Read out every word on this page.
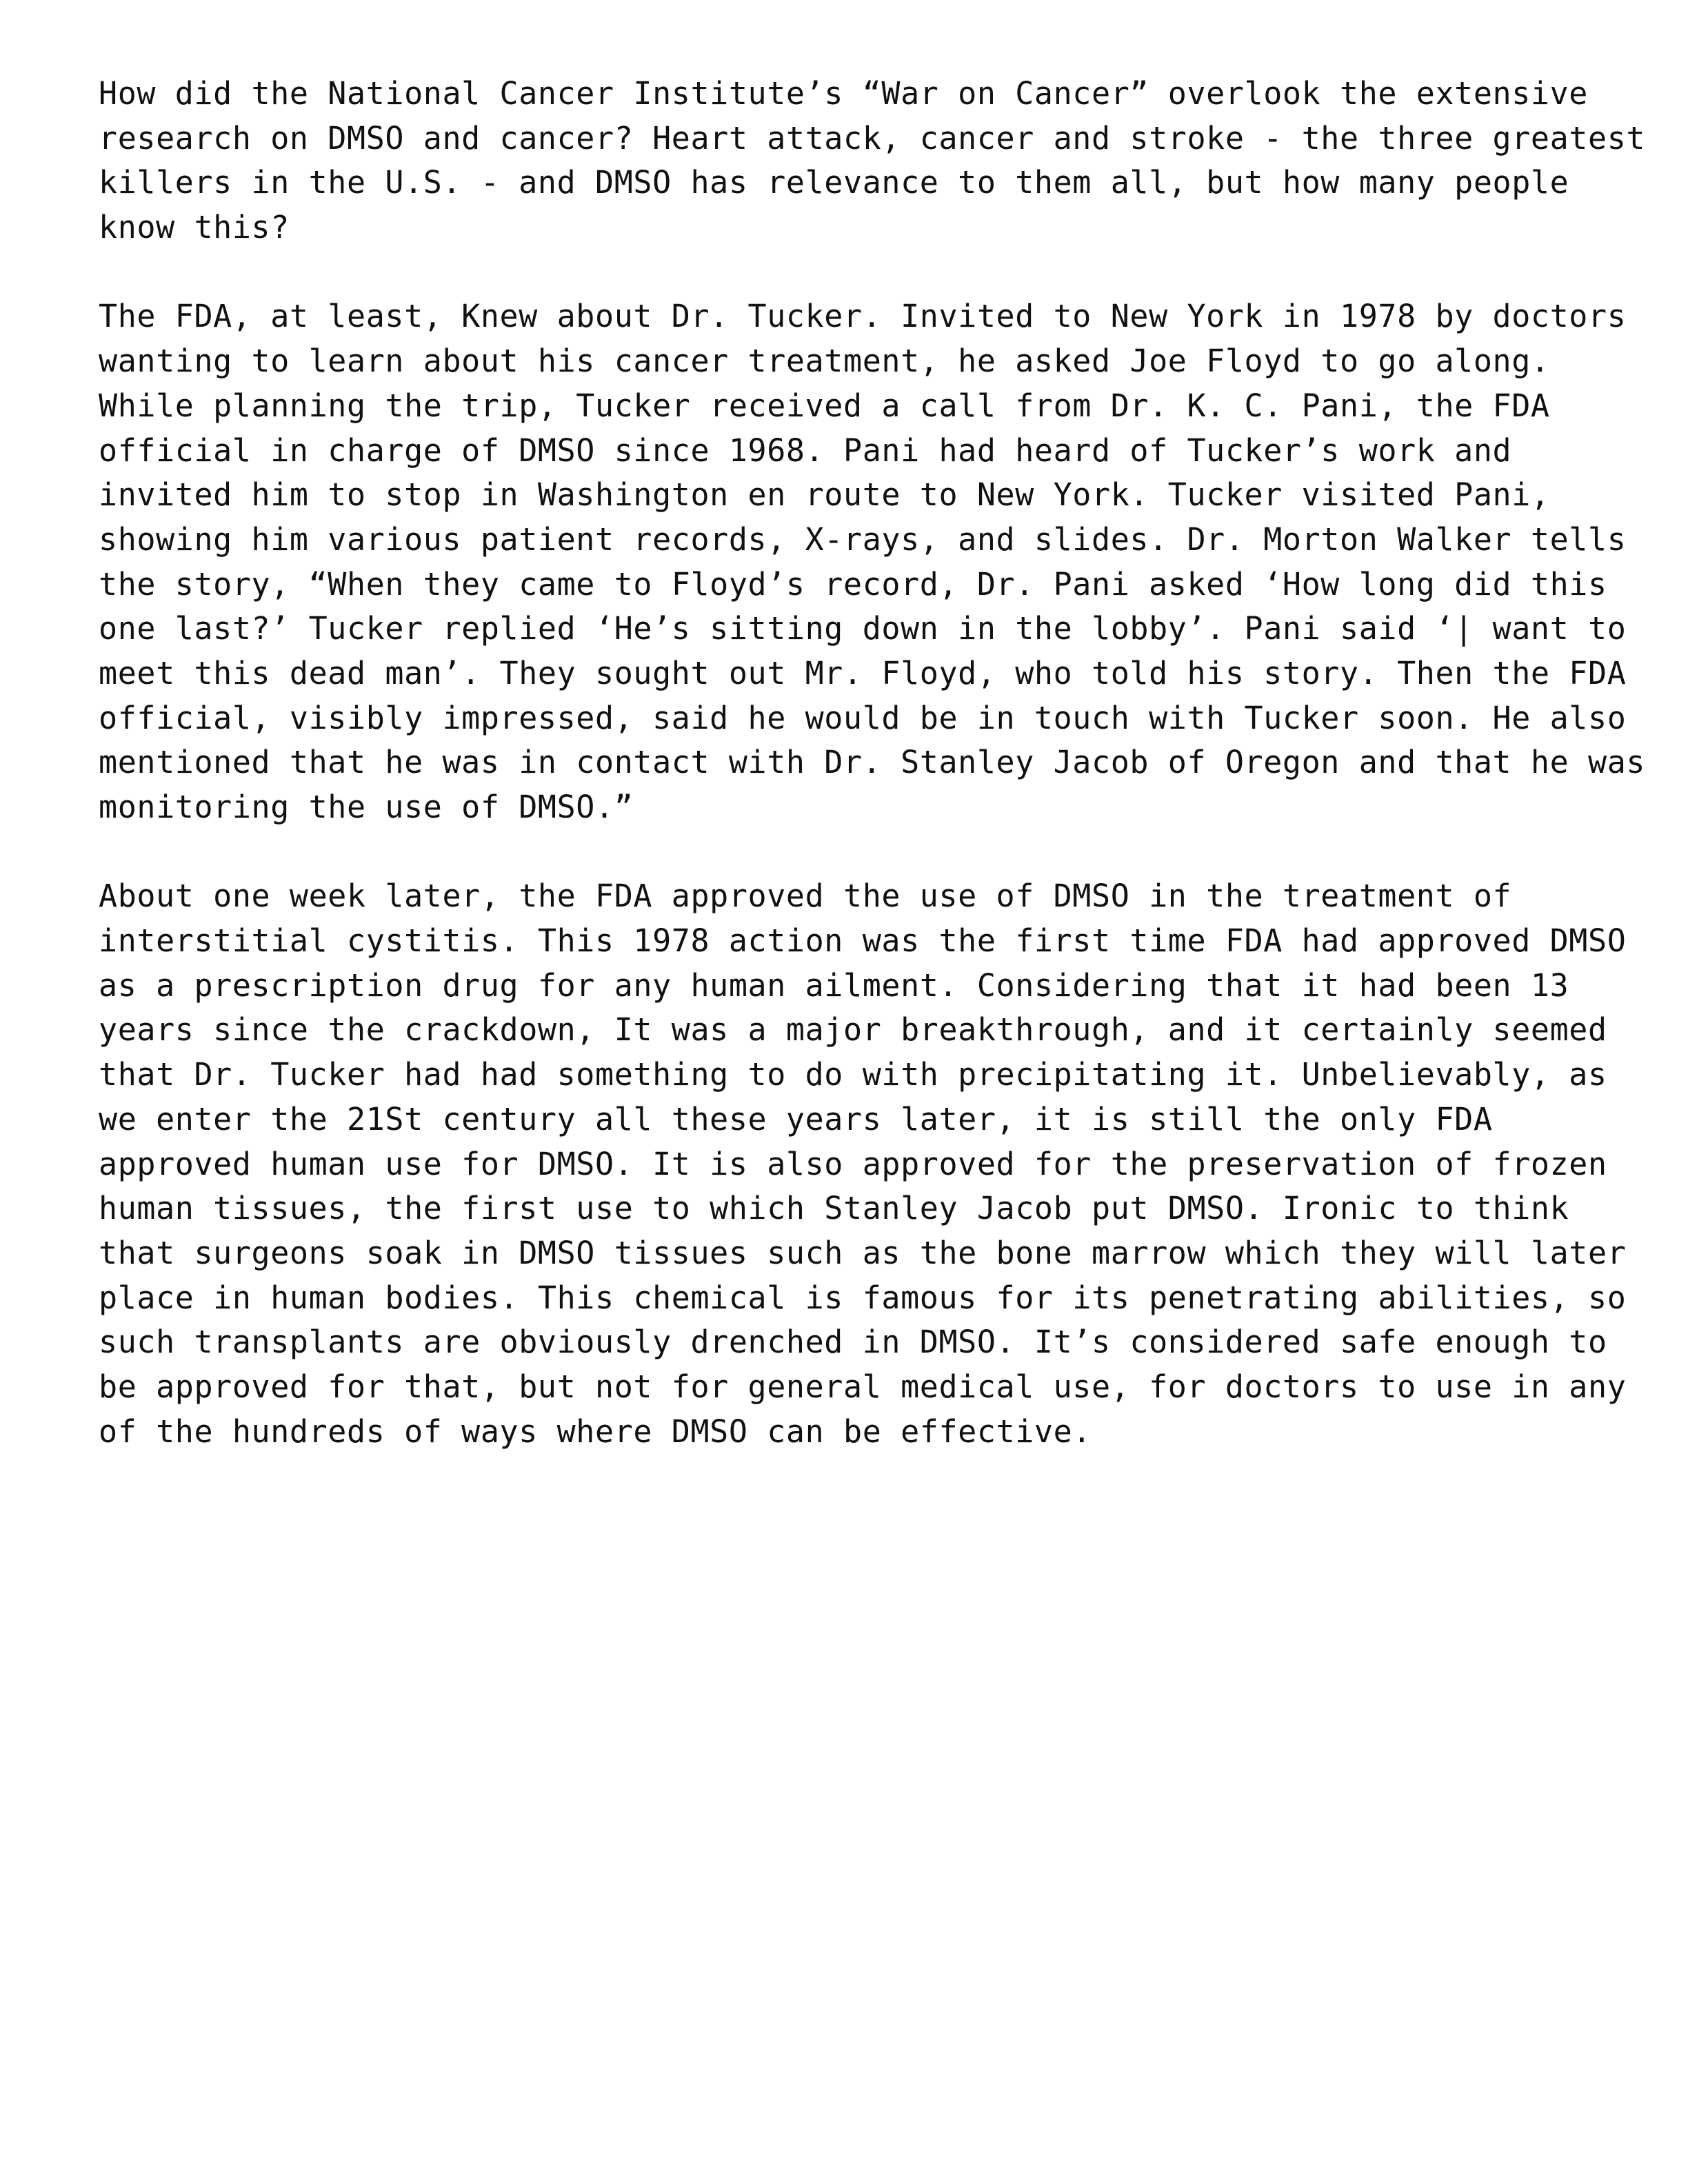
How did the National Cancer Institute’s “War on Cancer” overlook the extensive
research on DMSO and cancer? Heart attack, cancer and stroke - the three greatest
killers in the U.S. - and DMSO has relevance to them all, but how many people
know this?

The FDA, at least, Knew about Dr. Tucker. Invited to New York in 1978 by doctors
wanting to learn about his cancer treatment, he asked Joe Floyd to go along.
While planning the trip, Tucker received a call from Dr. K. C. Pani, the FDA
official in charge of DMSO since 1968. Pani had heard of Tucker’s work and
invited him to stop in Washington en route to New York. Tucker visited Pani,
showing him various patient records, X-rays, and slides. Dr. Morton Walker tells
the story, “When they came to Floyd’s record, Dr. Pani asked ‘How long did this
one last?’ Tucker replied ‘He’s sitting down in the lobby’. Pani said ‘| want to
meet this dead man’. They sought out Mr. Floyd, who told his story. Then the FDA
official, visibly impressed, said he would be in touch with Tucker soon. He also
mentioned that he was in contact with Dr. Stanley Jacob of Oregon and that he was
monitoring the use of DMSO.”

About one week later, the FDA approved the use of DMSO in the treatment of
interstitial cystitis. This 1978 action was the first time FDA had approved DMSO
as a prescription drug for any human ailment. Considering that it had been 13
years since the crackdown, It was a major breakthrough, and it certainly seemed
that Dr. Tucker had had something to do with precipitating it. Unbelievably, as
we enter the 21St century all these years later, it is still the only FDA
approved human use for DMSO. It is also approved for the preservation of frozen
human tissues, the first use to which Stanley Jacob put DMSO. Ironic to think
that surgeons soak in DMSO tissues such as the bone marrow which they will later
place in human bodies. This chemical is famous for its penetrating abilities, so
such transplants are obviously drenched in DMSO. It’s considered safe enough to
be approved for that, but not for general medical use, for doctors to use in any
of the hundreds of ways where DMSO can be effective.
